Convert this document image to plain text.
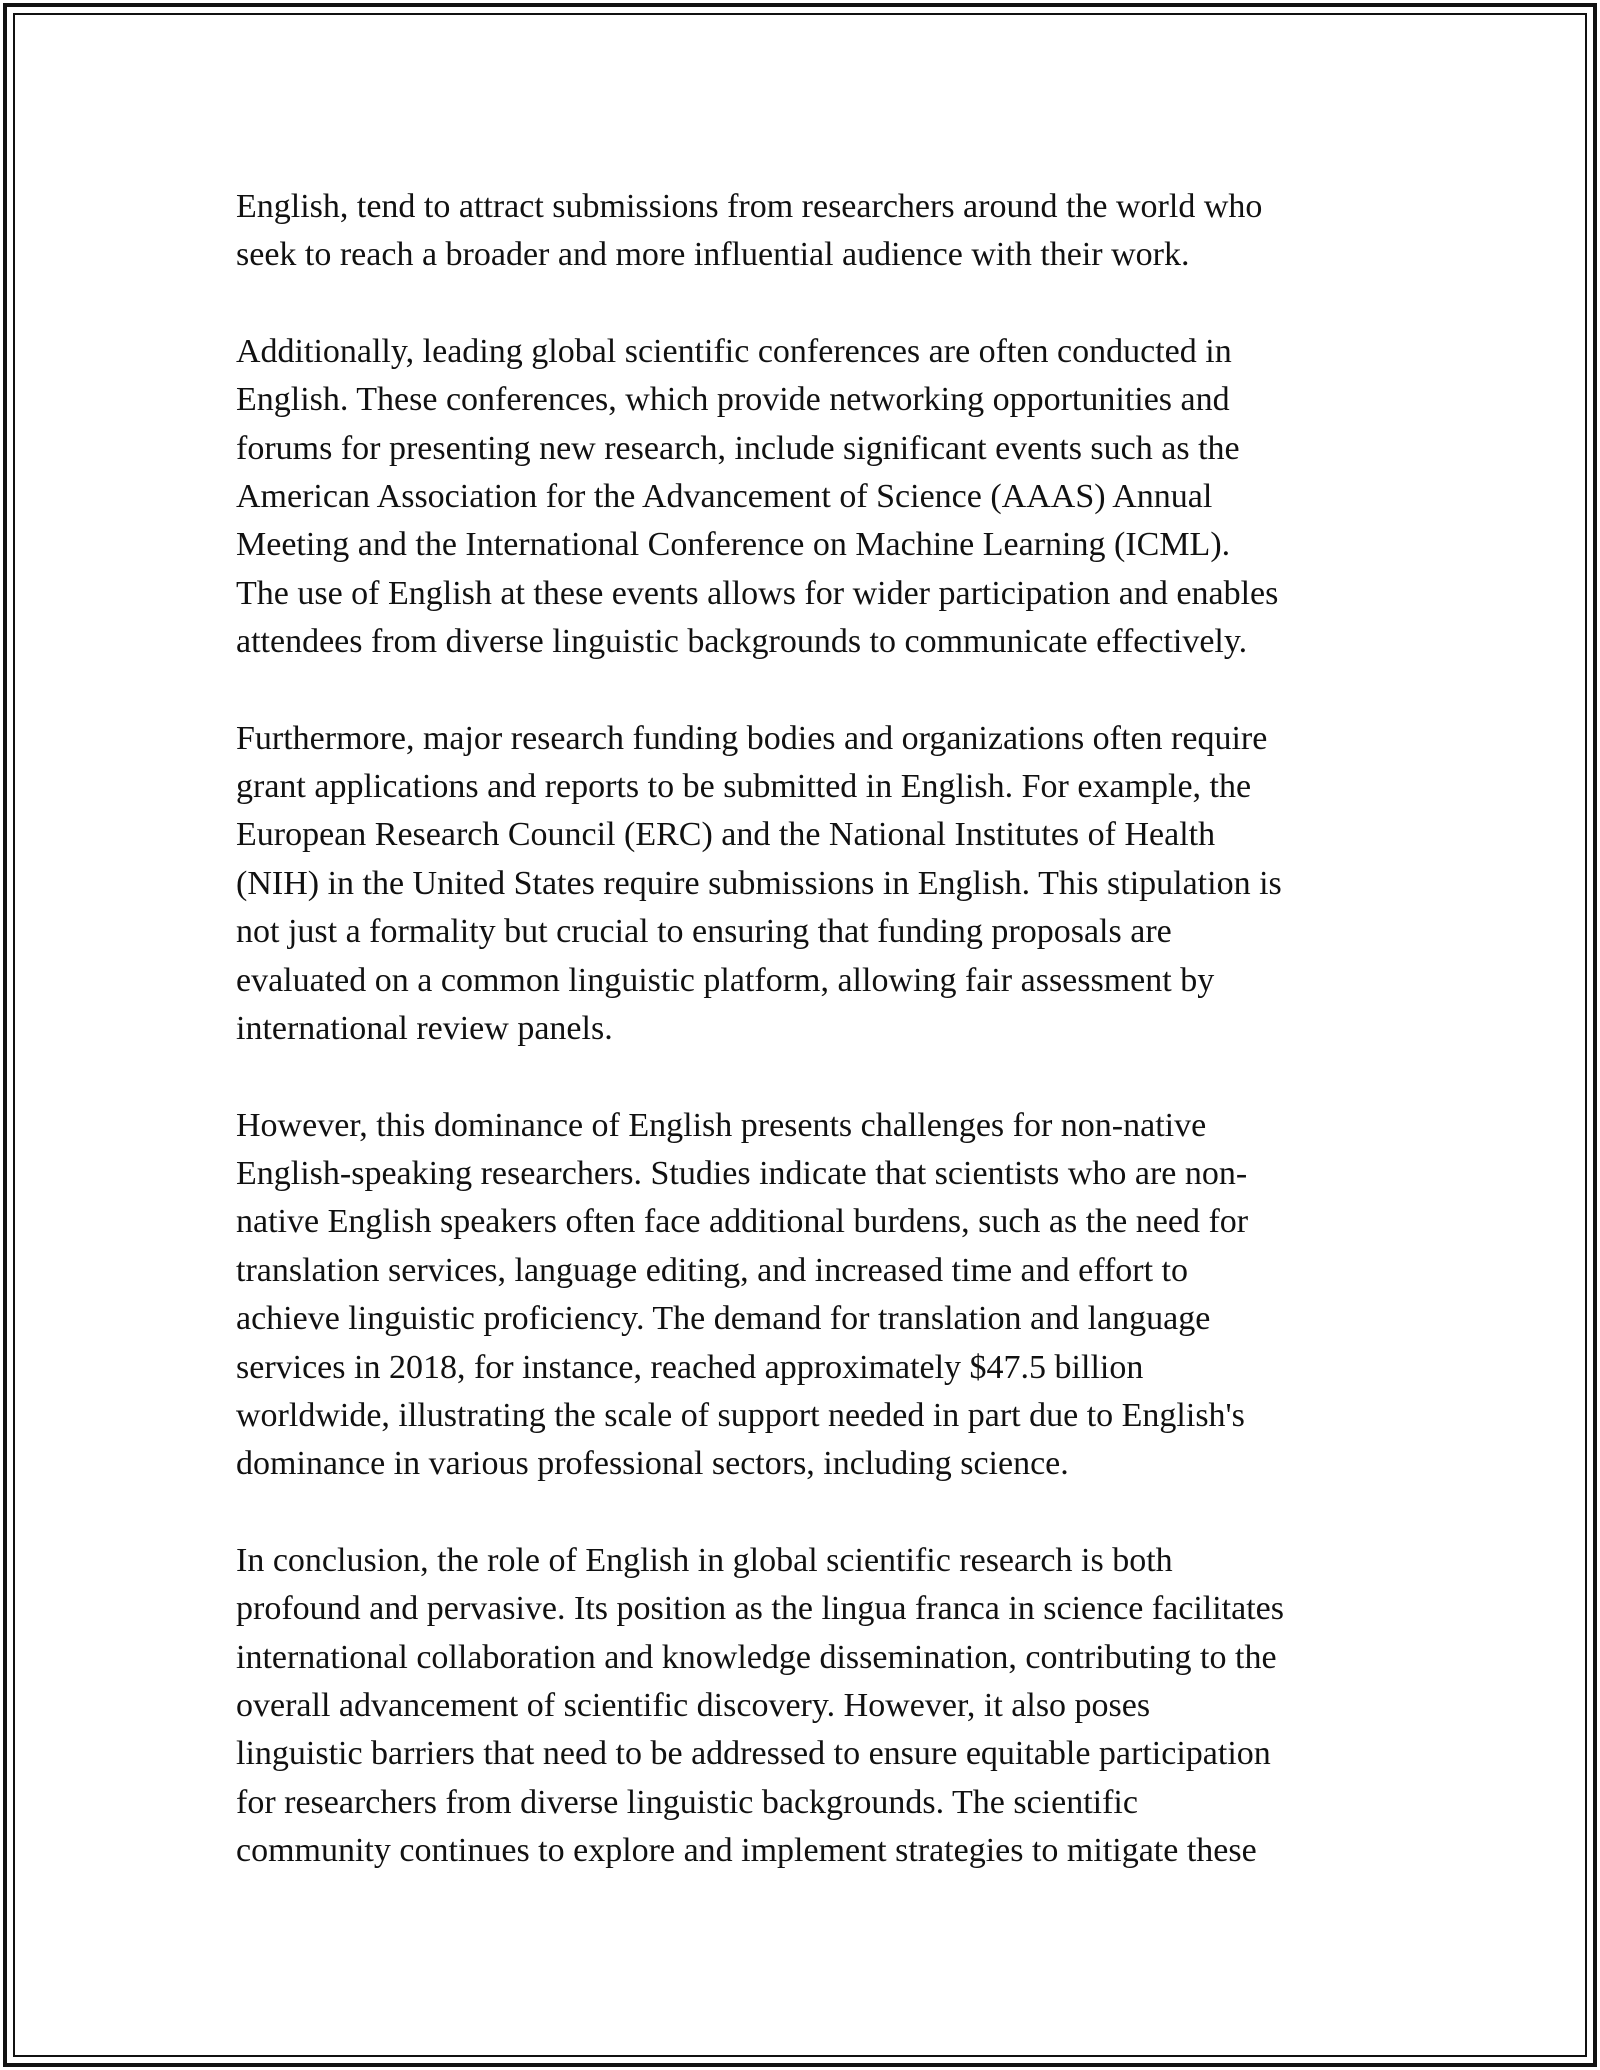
English, tend to attract submissions from researchers around the world who
seek to reach a broader and more influential audience with their work.

Additionally, leading global scientific conferences are often conducted in
English. These conferences, which provide networking opportunities and
forums for presenting new research, include significant events such as the
American Association for the Advancement of Science (AAAS) Annual
Meeting and the International Conference on Machine Learning (ICML).
The use of English at these events allows for wider participation and enables
attendees from diverse linguistic backgrounds to communicate effectively.

Furthermore, major research funding bodies and organizations often require
grant applications and reports to be submitted in English. For example, the
European Research Council (ERC) and the National Institutes of Health
(NIH) in the United States require submissions in English. This stipulation is
not just a formality but crucial to ensuring that funding proposals are
evaluated on a common linguistic platform, allowing fair assessment by
international review panels.

However, this dominance of English presents challenges for non-native
English-speaking researchers. Studies indicate that scientists who are non-
native English speakers often face additional burdens, such as the need for
translation services, language editing, and increased time and effort to
achieve linguistic proficiency. The demand for translation and language
services in 2018, for instance, reached approximately $47.5 billion
worldwide, illustrating the scale of support needed in part due to English's
dominance in various professional sectors, including science.

In conclusion, the role of English in global scientific research is both
profound and pervasive. Its position as the lingua franca in science facilitates
international collaboration and knowledge dissemination, contributing to the
overall advancement of scientific discovery. However, it also poses
linguistic barriers that need to be addressed to ensure equitable participation
for researchers from diverse linguistic backgrounds. The scientific
community continues to explore and implement strategies to mitigate these
